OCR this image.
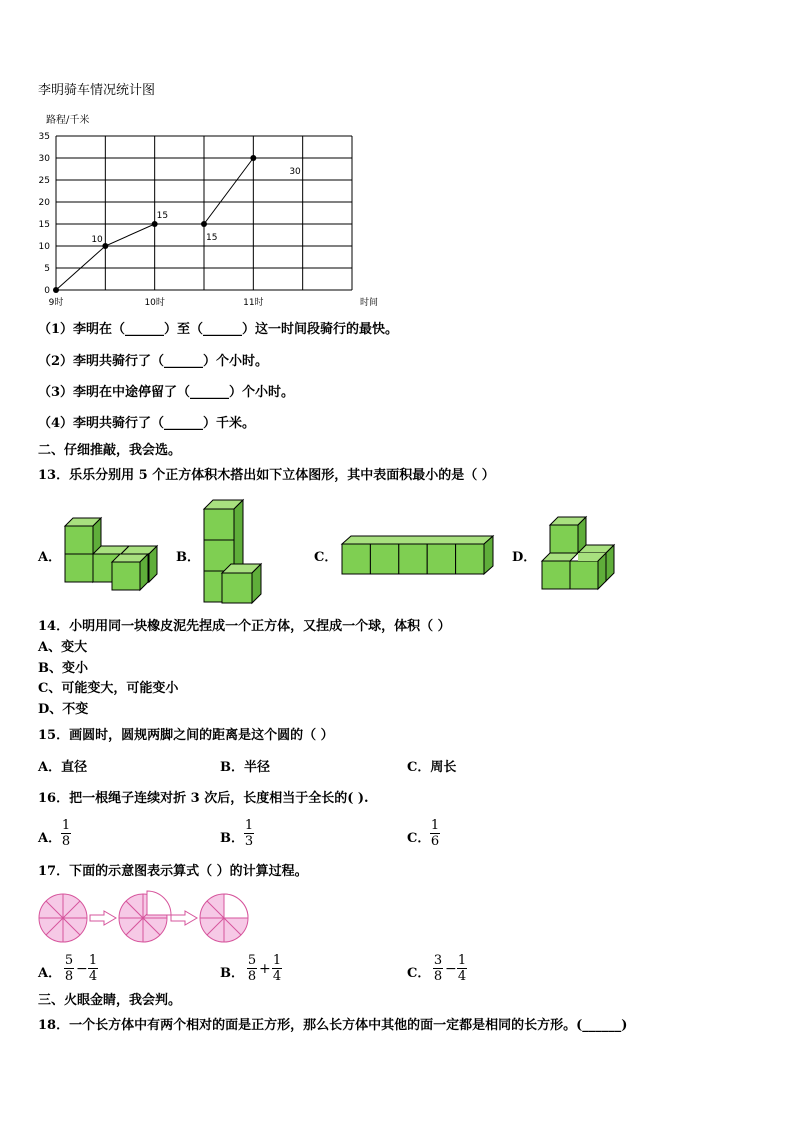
李明骑车情况统计图
路程/千米
0
5
10
15
20
25
30
35
9时	10时	11时	时间
10
15
15
30
（1）李明在（______）至（______）这一时间段骑行的最快。
（2）李明共骑行了（______）个小时。
（3）李明在中途停留了（______）个小时。
（4）李明共骑行了（______）千米。
二、仔细推敲，我会选。
13．乐乐分别用 5 个正方体积木搭出如下立体图形，其中表面积最小的是（ ）
A．	B．	C．	D．
14．小明用同一块橡皮泥先捏成一个正方体，又捏成一个球，体积（ ）
A、变大
B、变小
C、可能变大，可能变小
D、不变
15．画圆时，圆规两脚之间的距离是这个圆的（ ）
A．直径	B．半径	C．周长
16．把一根绳子连续对折 3 次后，长度相当于全长的( ).
A．
1
8	B．
1
3	C．
1
6
17．下面的示意图表示算式（ ）的计算过程。
A．
5
8 −
1
4	B．
5
8 +
1
4	C．
3
8 −
1
4
三、火眼金睛，我会判。
18．一个长方体中有两个相对的面是正方形，那么长方体中其他的面一定都是相同的长方形。(______)
